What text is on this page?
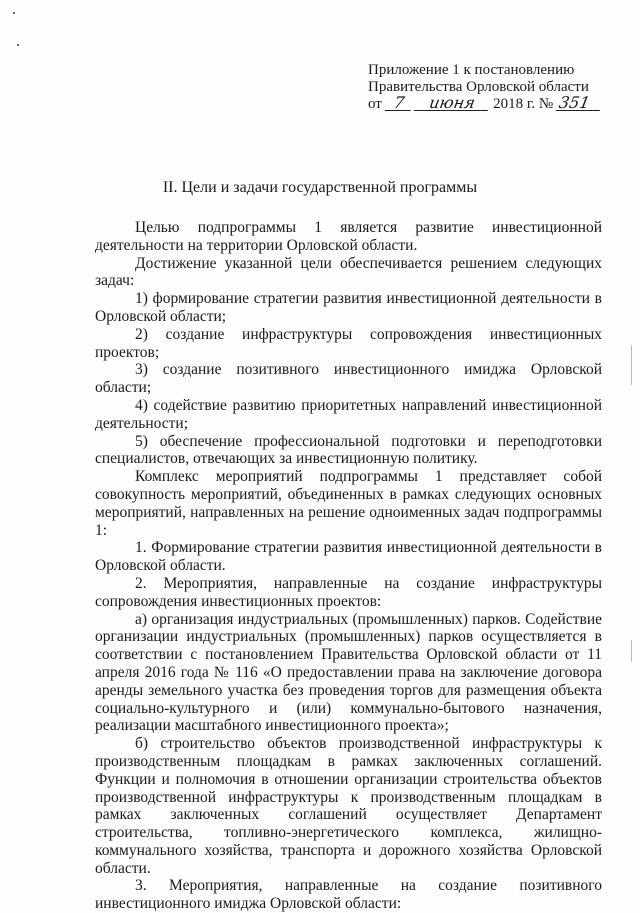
Приложение 1 к постановлению
Правительства Орловской области
от 7 июня 2018 г. № 351
II. Цели и задачи государственной программы

Целью подпрограммы 1 является развитие инвестиционной деятельности на территории Орловской области.

Достижение указанной цели обеспечивается решением следующих задач:

1) формирование стратегии развития инвестиционной деятельности в Орловской области;

2) создание инфраструктуры сопровождения инвестиционных проектов;

3) создание позитивного инвестиционного имиджа Орловской области;

4) содействие развитию приоритетных направлений инвестиционной деятельности;

5) обеспечение профессиональной подготовки и переподготовки специалистов, отвечающих за инвестиционную политику.

Комплекс мероприятий подпрограммы 1 представляет собой совокупность мероприятий, объединенных в рамках следующих основных мероприятий, направленных на решение одноименных задач подпрограммы 1:

1. Формирование стратегии развития инвестиционной деятельности в Орловской области.

2. Мероприятия, направленные на создание инфраструктуры сопровождения инвестиционных проектов:

а) организация индустриальных (промышленных) парков. Содействие организации индустриальных (промышленных) парков осуществляется в соответствии с постановлением Правительства Орловской области от 11 апреля 2016 года № 116 «О предоставлении права на заключение договора аренды земельного участка без проведения торгов для размещения объекта социально-культурного и (или) коммунально-бытового назначения, реализации масштабного инвестиционного проекта»;

б) строительство объектов производственной инфраструктуры к производственным площадкам в рамках заключенных соглашений. Функции и полномочия в отношении организации строительства объектов производственной инфраструктуры к производственным площадкам в рамках заключенных соглашений осуществляет Департамент строительства, топливно-энергетического комплекса, жилищно-коммунального хозяйства, транспорта и дорожного хозяйства Орловской области.

3. Мероприятия, направленные на создание позитивного инвестиционного имиджа Орловской области:
